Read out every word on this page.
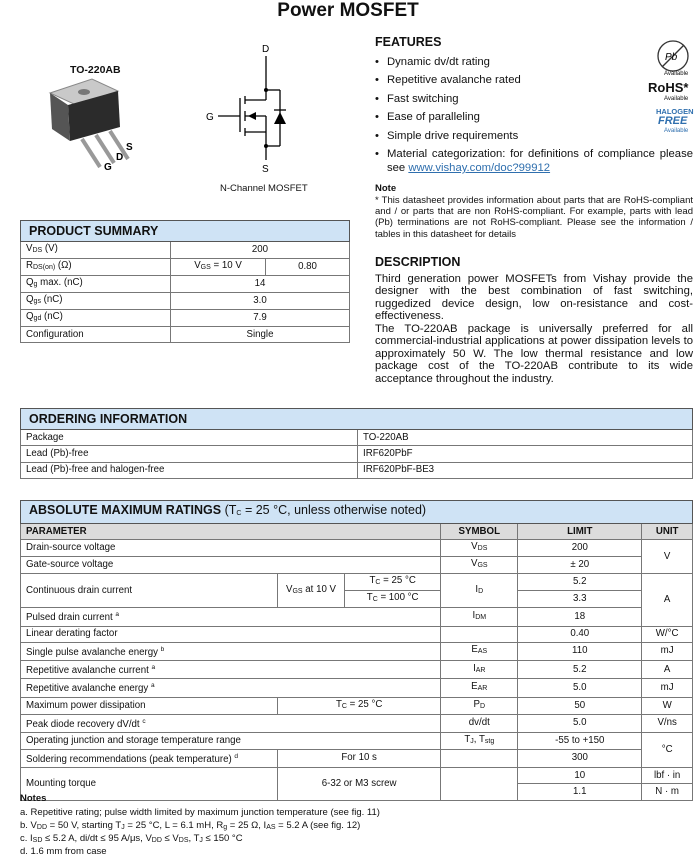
Power MOSFET
TO-220AB
S
D
G
D
G
S
N-Channel MOSFET
Pb
Available
RoHS*
Available
HALOGEN
FREE
Available
FEATURES
• Dynamic dv/dt rating
• Repetitive avalanche rated
• Fast switching
• Ease of paralleling
• Simple drive requirements
• Material categorization: for definitions of compliance please see www.vishay.com/doc?99912
Note
* This datasheet provides information about parts that are RoHS-compliant and / or parts that are non RoHS-compliant. For example, parts with lead (Pb) terminations are not RoHS-compliant. Please see the information / tables in this datasheet for details
DESCRIPTION
Third generation power MOSFETs from Vishay provide the designer with the best combination of fast switching, ruggedized device design, low on-resistance and cost-effectiveness.
The TO-220AB package is universally preferred for all commercial-industrial applications at power dissipation levels to approximately 50 W. The low thermal resistance and low package cost of the TO-220AB contribute to its wide acceptance throughout the industry.
PRODUCT SUMMARY		
$V_{DS}$ (V)	200	
$R_{DS(on)}$ (Ω)	$V_{GS} = 10$ V	0.80
$Q_g$ max. (nC)	14	
$Q_{gs}$ (nC)	3.0	
$Q_{gd}$ (nC)	7.9	
Configuration	Single	
ORDERING INFORMATION	
Package	TO-220AB
Lead (Pb)-free	IRF620PbF
Lead (Pb)-free and halogen-free	IRF620PbF-BE3
ABSOLUTE MAXIMUM RATINGS ($T_C = 25$ °C, unless otherwise noted)					
PARAMETER			SYMBOL	LIMIT	UNIT
Drain-source voltage			$V_{DS}$	200	V
Gate-source voltage			$V_{GS}$	± 20	
Continuous drain current	$V_{GS}$ at 10 V	$T_C = 25$ °C	$I_D$	5.2	A
		$T_C = 100$ °C		3.3	
Pulsed drain current $^a$			$I_{DM}$	18	
Linear derating factor				0.40	W/°C
Single pulse avalanche energy $^b$			$E_{AS}$	110	mJ
Repetitive avalanche current $^a$			$I_{AR}$	5.2	A
Repetitive avalanche energy $^a$			$E_{AR}$	5.0	mJ
Maximum power dissipation	$T_C = 25$ °C		$P_D$	50	W
Peak diode recovery dV/dt $^c$			dv/dt	5.0	V/ns
Operating junction and storage temperature range			$T_J$, $T_{stg}$	-55 to +150	°C
Soldering recommendations (peak temperature) $^d$	For 10 s			300	
Mounting torque	6-32 or M3 screw			10	lbf · in
				1.1	N · m
Notes
a. Repetitive rating; pulse width limited by maximum junction temperature (see fig. 11)
b. $V_{DD} = 50$ V, starting $T_J = 25$ °C, L = 6.1 mH, $R_g = 25$ Ω, $I_{AS} = 5.2$ A (see fig. 12)
c. $I_{SD} \le 5.2$ A, di/dt ≤ 95 A/μs, $V_{DD} \le V_{DS}$, $T_J \le 150$ °C
d. 1.6 mm from case
